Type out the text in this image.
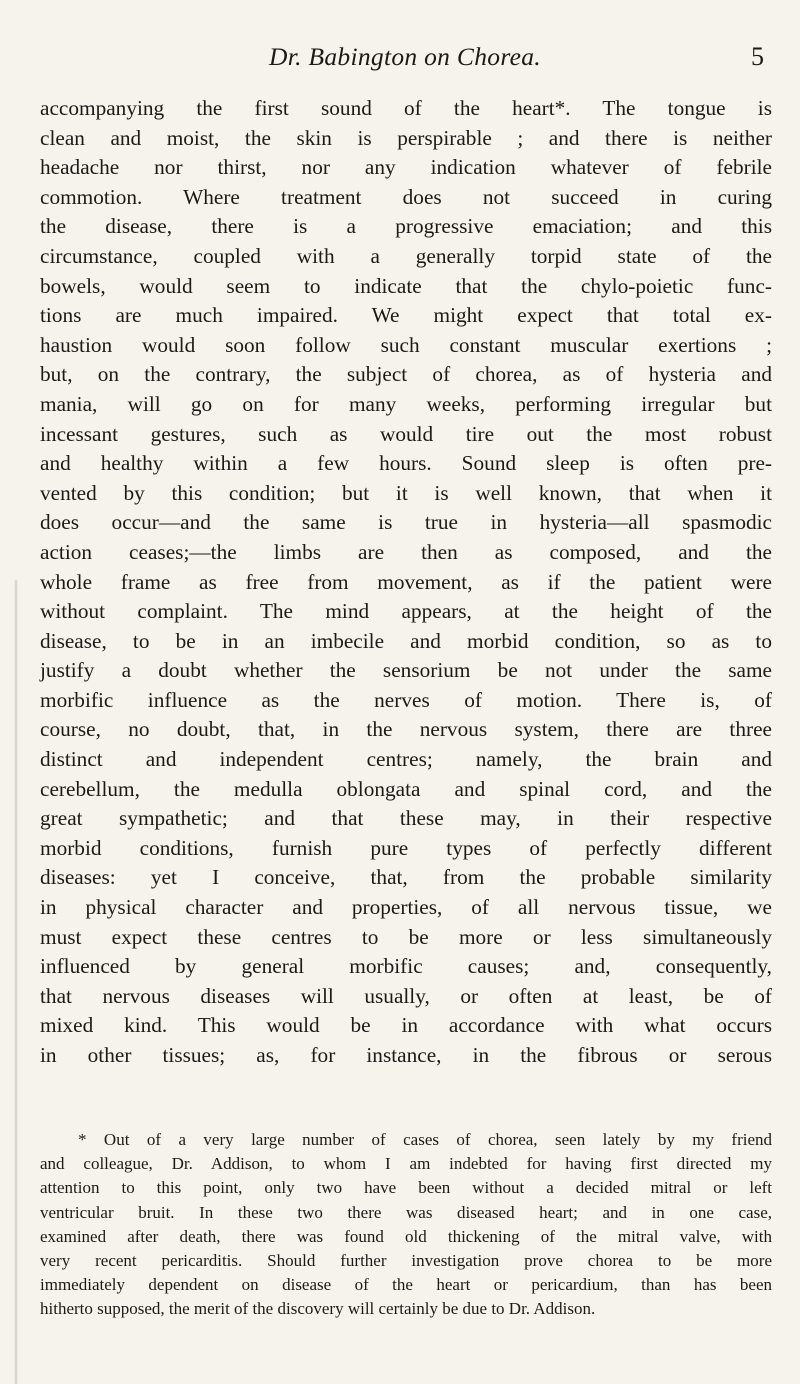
Dr. Babington on Chorea.	5
accompanying the first sound of the heart*. The tongue is
clean and moist, the skin is perspirable ; and there is neither
headache nor thirst, nor any indication whatever of febrile
commotion. Where treatment does not succeed in curing
the disease, there is a progressive emaciation; and this
circumstance, coupled with a generally torpid state of the
bowels, would seem to indicate that the chylo-poietic func-
tions are much impaired. We might expect that total ex-
haustion would soon follow such constant muscular exertions ;
but, on the contrary, the subject of chorea, as of hysteria and
mania, will go on for many weeks, performing irregular but
incessant gestures, such as would tire out the most robust
and healthy within a few hours. Sound sleep is often pre-
vented by this condition; but it is well known, that when it
does occur—and the same is true in hysteria—all spasmodic
action ceases;—the limbs are then as composed, and the
whole frame as free from movement, as if the patient were
without complaint. The mind appears, at the height of the
disease, to be in an imbecile and morbid condition, so as to
justify a doubt whether the sensorium be not under the same
morbific influence as the nerves of motion. There is, of
course, no doubt, that, in the nervous system, there are three
distinct and independent centres; namely, the brain and
cerebellum, the medulla oblongata and spinal cord, and the
great sympathetic; and that these may, in their respective
morbid conditions, furnish pure types of perfectly different
diseases: yet I conceive, that, from the probable similarity
in physical character and properties, of all nervous tissue, we
must expect these centres to be more or less simultaneously
influenced by general morbific causes; and, consequently,
that nervous diseases will usually, or often at least, be of
mixed kind. This would be in accordance with what occurs
in other tissues; as, for instance, in the fibrous or serous
* Out of a very large number of cases of chorea, seen lately by my friend
and colleague, Dr. Addison, to whom I am indebted for having first directed my
attention to this point, only two have been without a decided mitral or left
ventricular bruit. In these two there was diseased heart; and in one case,
examined after death, there was found old thickening of the mitral valve, with
very recent pericarditis. Should further investigation prove chorea to be more
immediately dependent on disease of the heart or pericardium, than has been
hitherto supposed, the merit of the discovery will certainly be due to Dr. Addison.
